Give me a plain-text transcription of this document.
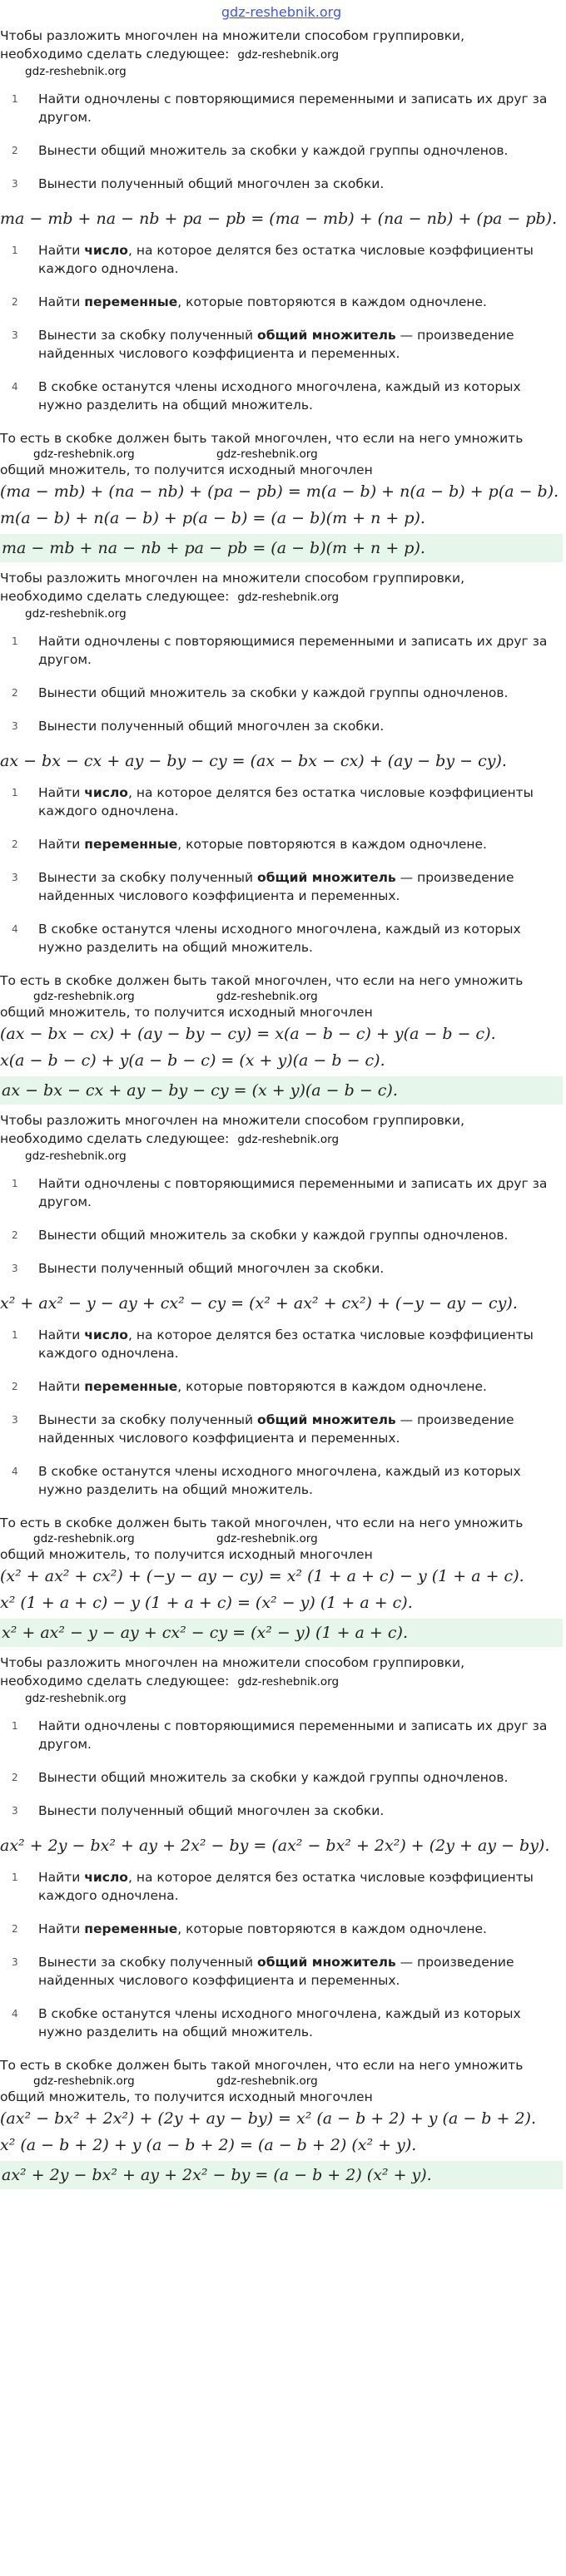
gdz-reshebnik.org
Чтобы разложить многочлен на множители способом группировки,
необходимо сделать следующее: gdz-reshebnik.org
gdz-reshebnik.org
1	Найти одночлены с повторяющимися переменными и записать их друг за другом.
2	Вынести общий множитель за скобки у каждой группы одночленов.
3	Вынести полученный общий многочлен за скобки.
ma − mb + na − nb + pa − pb = (ma − mb) + (na − nb) + (pa − pb).
1	Найти число, на которое делятся без остатка числовые коэффициенты каждого одночлена.
2	Найти переменные, которые повторяются в каждом одночлене.
3	Вынести за скобку полученный общий множитель — произведение найденных числового коэффициента и переменных.
4	В скобке останутся члены исходного многочлена, каждый из которых нужно разделить на общий множитель.
То есть в скобке должен быть такой многочлен, что если на него умножить
gdz-reshebnik.org	gdz-reshebnik.org
общий множитель, то получится исходный многочлен
(ma − mb) + (na − nb) + (pa − pb) = m(a − b) + n(a − b) + p(a − b).
m(a − b) + n(a − b) + p(a − b) = (a − b)(m + n + p).
ma − mb + na − nb + pa − pb = (a − b)(m + n + p).
Чтобы разложить многочлен на множители способом группировки,
необходимо сделать следующее: gdz-reshebnik.org
gdz-reshebnik.org
1	Найти одночлены с повторяющимися переменными и записать их друг за другом.
2	Вынести общий множитель за скобки у каждой группы одночленов.
3	Вынести полученный общий многочлен за скобки.
ax − bx − cx + ay − by − cy = (ax − bx − cx) + (ay − by − cy).
1	Найти число, на которое делятся без остатка числовые коэффициенты каждого одночлена.
2	Найти переменные, которые повторяются в каждом одночлене.
3	Вынести за скобку полученный общий множитель — произведение найденных числового коэффициента и переменных.
4	В скобке останутся члены исходного многочлена, каждый из которых нужно разделить на общий множитель.
То есть в скобке должен быть такой многочлен, что если на него умножить
gdz-reshebnik.org	gdz-reshebnik.org
общий множитель, то получится исходный многочлен
(ax − bx − cx) + (ay − by − cy) = x(a − b − c) + y(a − b − c).
x(a − b − c) + y(a − b − c) = (x + y)(a − b − c).
ax − bx − cx + ay − by − cy = (x + y)(a − b − c).
Чтобы разложить многочлен на множители способом группировки,
необходимо сделать следующее: gdz-reshebnik.org
gdz-reshebnik.org
1	Найти одночлены с повторяющимися переменными и записать их друг за другом.
2	Вынести общий множитель за скобки у каждой группы одночленов.
3	Вынести полученный общий многочлен за скобки.
x² + ax² − y − ay + cx² − cy = (x² + ax² + cx²) + (−y − ay − cy).
1	Найти число, на которое делятся без остатка числовые коэффициенты каждого одночлена.
2	Найти переменные, которые повторяются в каждом одночлене.
3	Вынести за скобку полученный общий множитель — произведение найденных числового коэффициента и переменных.
4	В скобке останутся члены исходного многочлена, каждый из которых нужно разделить на общий множитель.
То есть в скобке должен быть такой многочлен, что если на него умножить
gdz-reshebnik.org	gdz-reshebnik.org
общий множитель, то получится исходный многочлен
(x² + ax² + cx²) + (−y − ay − cy) = x² (1 + a + c) − y (1 + a + c).
x² (1 + a + c) − y (1 + a + c) = (x² − y) (1 + a + c).
x² + ax² − y − ay + cx² − cy = (x² − y) (1 + a + c).
Чтобы разложить многочлен на множители способом группировки,
необходимо сделать следующее: gdz-reshebnik.org
gdz-reshebnik.org
1	Найти одночлены с повторяющимися переменными и записать их друг за другом.
2	Вынести общий множитель за скобки у каждой группы одночленов.
3	Вынести полученный общий многочлен за скобки.
ax² + 2y − bx² + ay + 2x² − by = (ax² − bx² + 2x²) + (2y + ay − by).
1	Найти число, на которое делятся без остатка числовые коэффициенты каждого одночлена.
2	Найти переменные, которые повторяются в каждом одночлене.
3	Вынести за скобку полученный общий множитель — произведение найденных числового коэффициента и переменных.
4	В скобке останутся члены исходного многочлена, каждый из которых нужно разделить на общий множитель.
То есть в скобке должен быть такой многочлен, что если на него умножить
gdz-reshebnik.org	gdz-reshebnik.org
общий множитель, то получится исходный многочлен
(ax² − bx² + 2x²) + (2y + ay − by) = x² (a − b + 2) + y (a − b + 2).
x² (a − b + 2) + y (a − b + 2) = (a − b + 2) (x² + y).
ax² + 2y − bx² + ay + 2x² − by = (a − b + 2) (x² + y).
